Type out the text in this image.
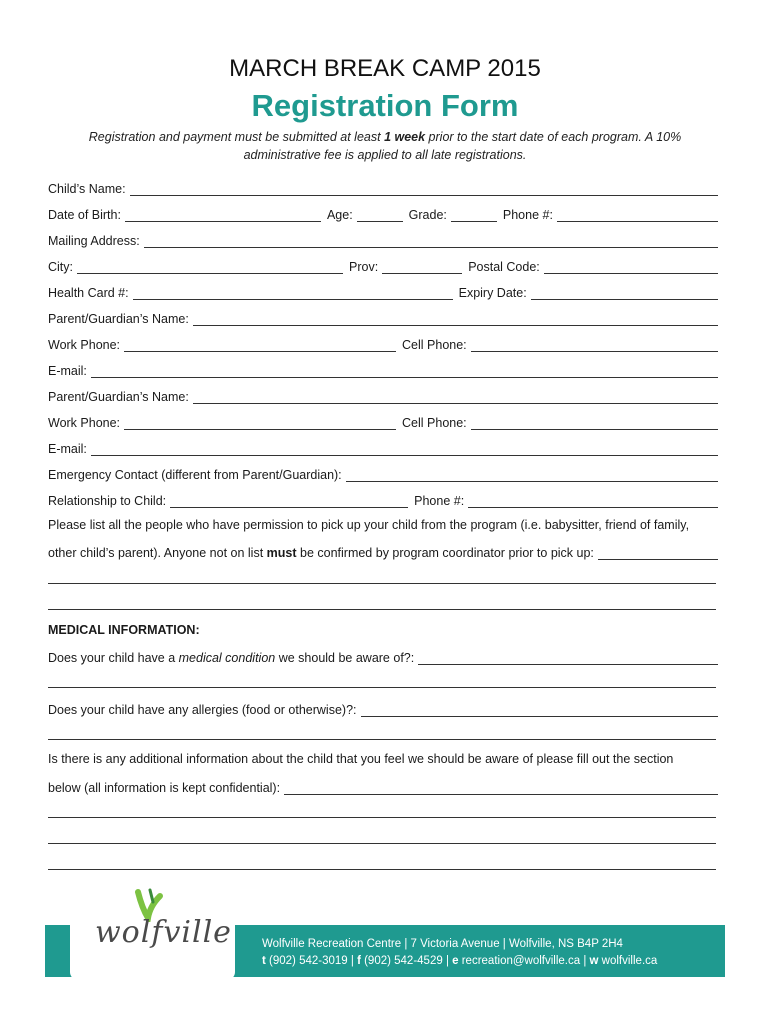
MARCH BREAK CAMP 2015
Registration Form
Registration and payment must be submitted at least 1 week prior to the start date of each program. A 10% administrative fee is applied to all late registrations.
Child’s Name:
Date of Birth:	Age:	Grade:	Phone #:
Mailing Address:
City:	Prov:	Postal Code:
Health Card #:	Expiry Date:
Parent/Guardian’s Name:
Work Phone:	Cell Phone:
E-mail:
Parent/Guardian’s Name:
Work Phone:	Cell Phone:
E-mail:
Emergency Contact (different from Parent/Guardian):
Relationship to Child:	Phone #:
Please list all the people who have permission to pick up your child from the program (i.e. babysitter, friend of family,
other child’s parent). Anyone not on list must be confirmed by program coordinator prior to pick up:
MEDICAL INFORMATION:
Does your child have a medical condition we should be aware of?:
Does your child have any allergies (food or otherwise)?:
Is there is any additional information about the child that you feel we should be aware of please fill out the section
below (all information is kept confidential):
wolfville	Wolfville Recreation Centre | 7 Victoria Avenue | Wolfville, NS B4P 2H4
t (902) 542-3019 | f (902) 542-4529 | e recreation@wolfville.ca | w wolfville.ca
